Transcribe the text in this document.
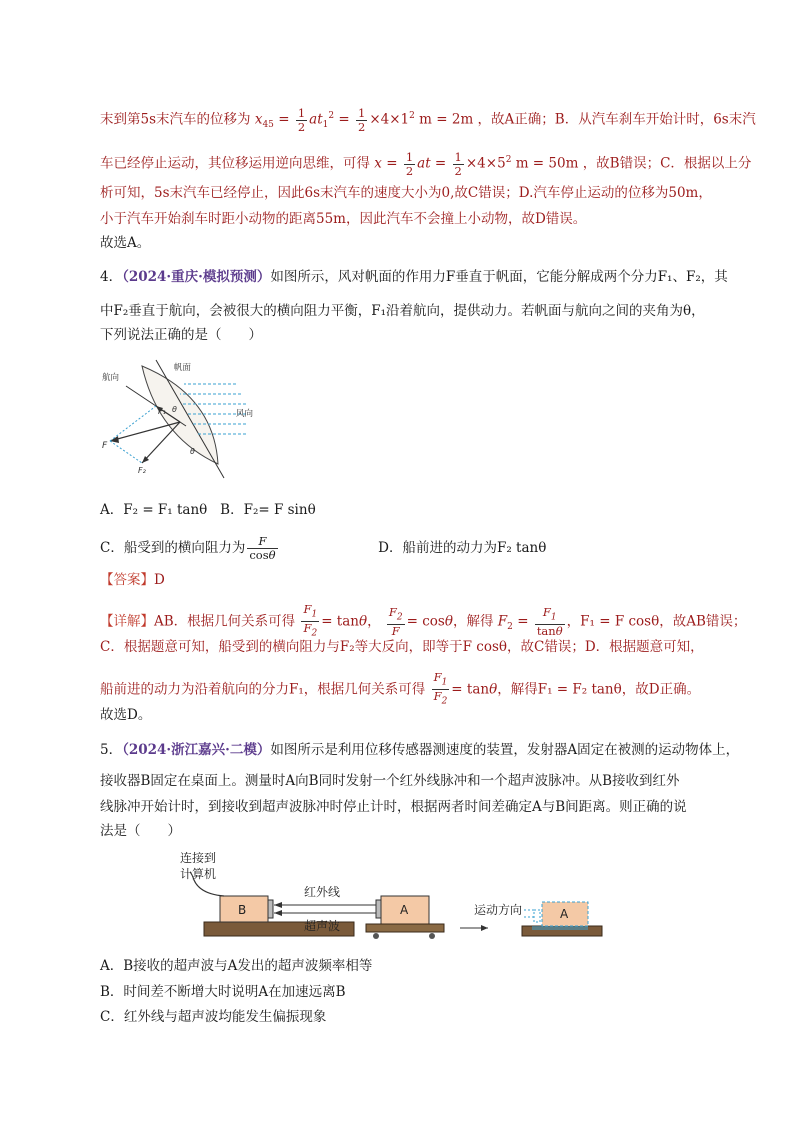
末到第5s末汽车的位移为 $x_{45} = \frac{1}{2} at_1^2 = \frac{1}{2} \times 4\times 1^2$ m = 2m ，故A正确；B．从汽车刹车开始计时，6s末汽
车已经停止运动，其位移运用逆向思维，可得 $x = \frac{1}{2}$ at = $\frac{1}{2} \times 4\times 5^2$ m = 50m ，故B错误；C．根据以上分
析可知，5s末汽车已经停止，因此6s末汽车的速度大小为0,故C错误；D.汽车停止运动的位移为50m，
小于汽车开始刹车时距小动物的距离55m，因此汽车不会撞上小动物，故D错误。
故选A。
4．（2024·重庆·模拟预测）如图所示，风对帆面的作用力F垂直于帆面，它能分解成两个分力F₁、F₂，其
中F₂垂直于航向，会被很大的横向阻力平衡，F₁沿着航向，提供动力。若帆面与航向之间的夹角为θ，
下列说法正确的是（　　）
航向
帆面
风向
F
F₁
F₂
θ
θ
A．F₂ = F₁ tanθ B．F₂= F sinθ
C．船受到的横向阻力为 $\frac{F}{\cos\theta}$	D．船前进的动力为F₂ tanθ
【答案】D
【详解】AB．根据几何关系可得 $\frac{F_1}{F_2} = \tan\theta$， $\frac{F_2}{F} = \cos\theta$，解得 $F_2 = \frac{F_1}{\tan\theta}$ ，F₁ = F cosθ，故AB错误；
C．根据题意可知，船受到的横向阻力与F₂等大反向，即等于F cosθ，故C错误；D．根据题意可知，
船前进的动力为沿着航向的分力F₁，根据几何关系可得 $\frac{F_1}{F_2} = \tan\theta$，解得F₁ = F₂ tanθ，故D正确。
故选D。
5．（2024·浙江嘉兴·二模）如图所示是利用位移传感器测速度的装置，发射器A固定在被测的运动物体上，
接收器B固定在桌面上。测量时A向B同时发射一个红外线脉冲和一个超声波脉冲。从B接收到红外
线脉冲开始计时，到接收到超声波脉冲时停止计时，根据两者时间差确定A与B间距离。则正确的说
法是（　　）
连接到
计算机
红外线
超声波
运动方向
B	A	A
A．B接收的超声波与A发出的超声波频率相等
B．时间差不断增大时说明A在加速远离B
C．红外线与超声波均能发生偏振现象
